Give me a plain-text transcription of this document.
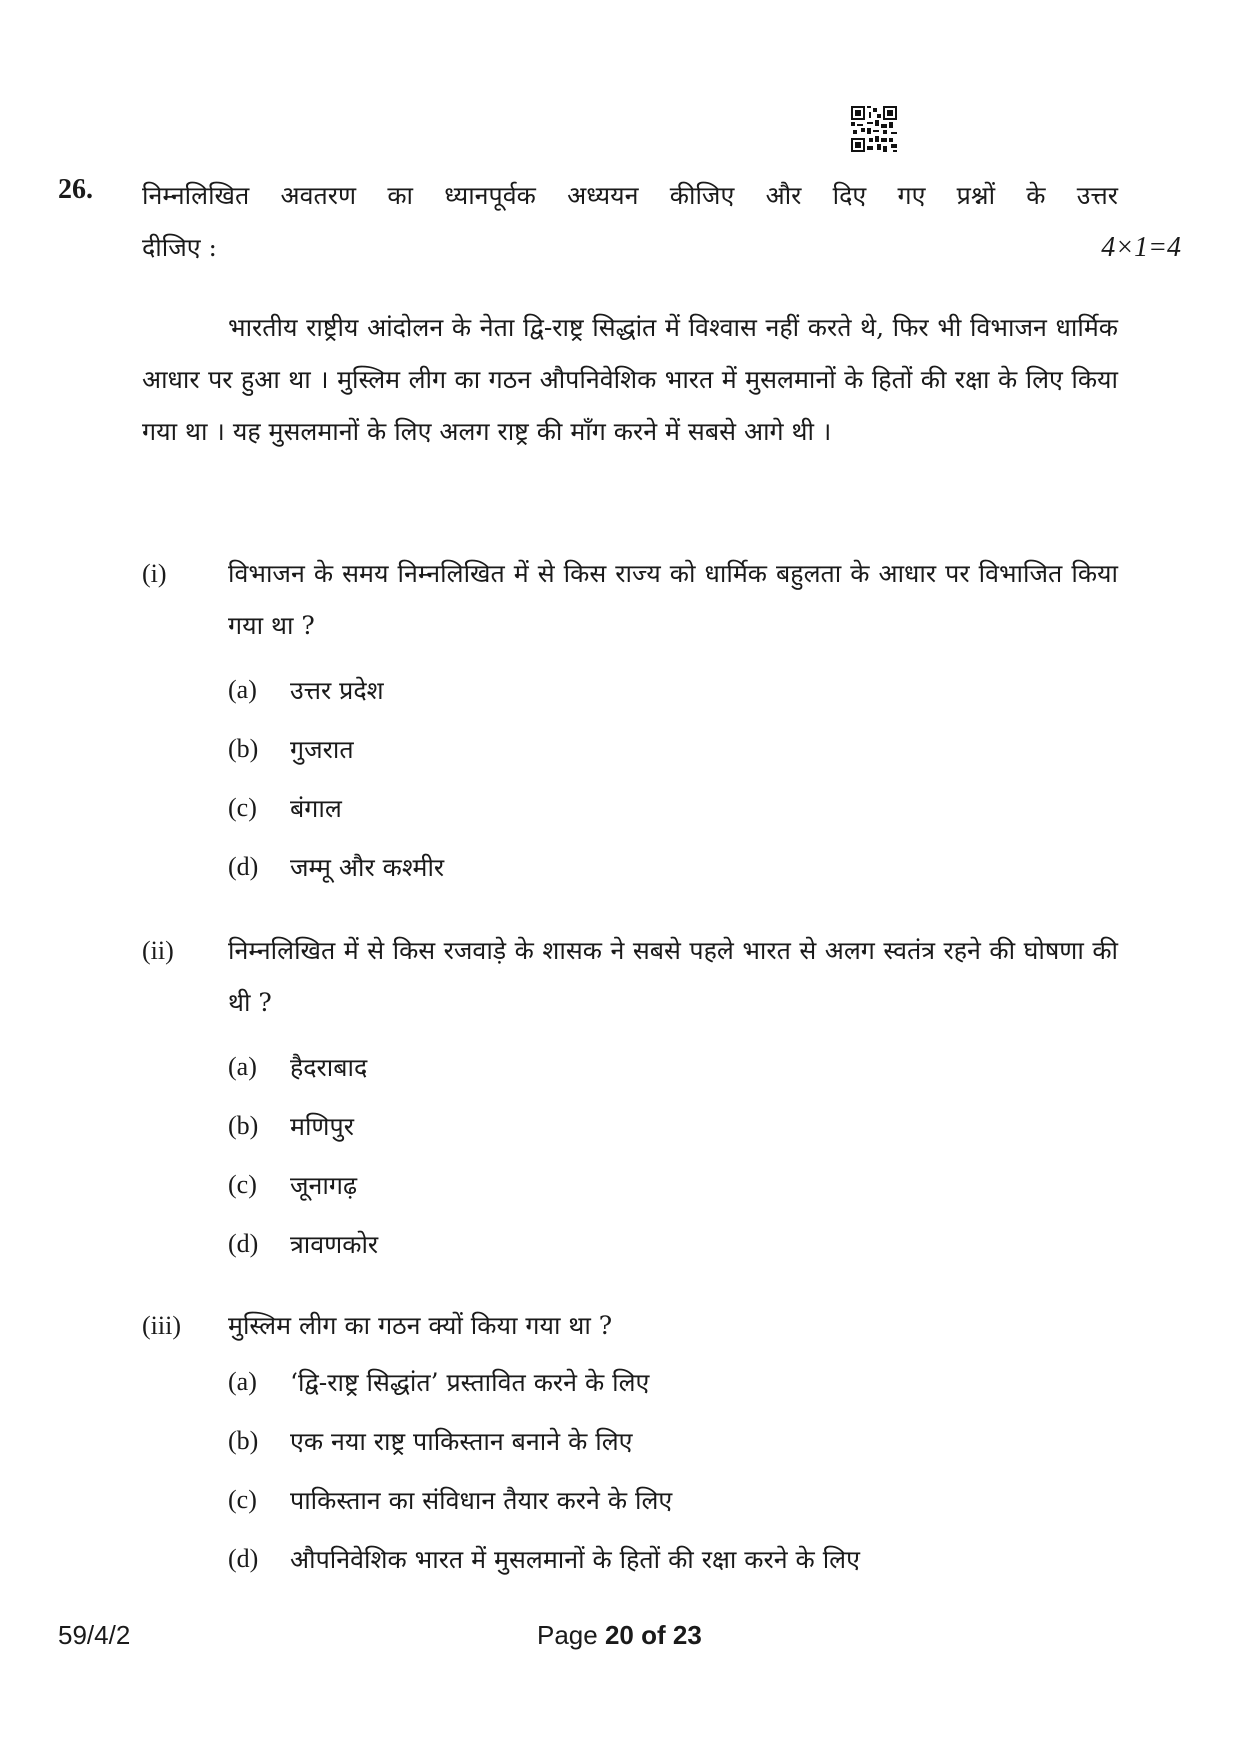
26. निम्नलिखित अवतरण का ध्यानपूर्वक अध्ययन कीजिए और दिए गए प्रश्नों के उत्तर
दीजिए :	4×1=4
भारतीय राष्ट्रीय आंदोलन के नेता द्वि-राष्ट्र सिद्धांत में विश्वास नहीं करते थे, फिर भी विभाजन धार्मिक आधार पर हुआ था । मुस्लिम लीग का गठन औपनिवेशिक भारत में मुसलमानों के हितों की रक्षा के लिए किया गया था । यह मुसलमानों के लिए अलग राष्ट्र की माँग करने में सबसे आगे थी ।
(i) विभाजन के समय निम्नलिखित में से किस राज्य को धार्मिक बहुलता के आधार पर विभाजित किया गया था ?
(a)	उत्तर प्रदेश
(b)	गुजरात
(c)	बंगाल
(d)	जम्मू और कश्मीर
(ii) निम्नलिखित में से किस रजवाड़े के शासक ने सबसे पहले भारत से अलग स्वतंत्र रहने की घोषणा की थी ?
(a)	हैदराबाद
(b)	मणिपुर
(c)	जूनागढ़
(d)	त्रावणकोर
(iii) मुस्लिम लीग का गठन क्यों किया गया था ?
(a)	‘द्वि-राष्ट्र सिद्धांत’ प्रस्तावित करने के लिए
(b)	एक नया राष्ट्र पाकिस्तान बनाने के लिए
(c)	पाकिस्तान का संविधान तैयार करने के लिए
(d)	औपनिवेशिक भारत में मुसलमानों के हितों की रक्षा करने के लिए
59/4/2	Page 20 of 23
